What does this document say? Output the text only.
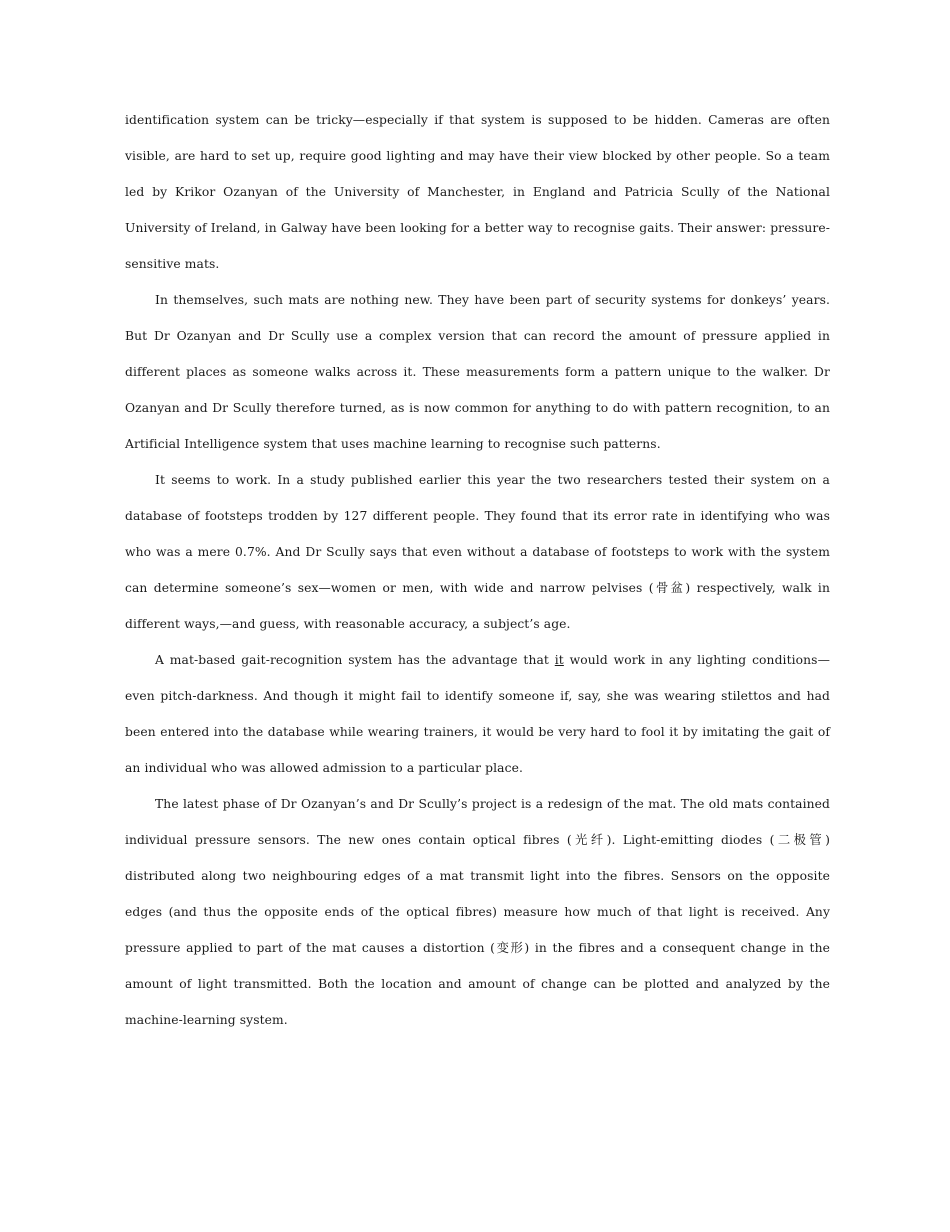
identification system can be tricky—especially if that system is supposed to be hidden. Cameras are often visible, are hard to set up, require good lighting and may have their view blocked by other people. So a team led by Krikor Ozanyan of the University of Manchester, in England and Patricia Scully of the National University of Ireland, in Galway have been looking for a better way to recognise gaits. Their answer: pressure-sensitive mats.

In themselves, such mats are nothing new. They have been part of security systems for donkeys’ years. But Dr Ozanyan and Dr Scully use a complex version that can record the amount of pressure applied in different places as someone walks across it. These measurements form a pattern unique to the walker. Dr Ozanyan and Dr Scully therefore turned, as is now common for anything to do with pattern recognition, to an Artificial Intelligence system that uses machine learning to recognise such patterns.

It seems to work. In a study published earlier this year the two researchers tested their system on a database of footsteps trodden by 127 different people. They found that its error rate in identifying who was who was a mere 0.7%. And Dr Scully says that even without a database of footsteps to work with the system can determine someone’s sex—women or men, with wide and narrow pelvises (骨盆) respectively, walk in different ways,—and guess, with reasonable accuracy, a subject’s age.

A mat-based gait-recognition system has the advantage that it would work in any lighting conditions—even pitch-darkness. And though it might fail to identify someone if, say, she was wearing stilettos and had been entered into the database while wearing trainers, it would be very hard to fool it by imitating the gait of an individual who was allowed admission to a particular place.

The latest phase of Dr Ozanyan’s and Dr Scully’s project is a redesign of the mat. The old mats contained individual pressure sensors. The new ones contain optical fibres (光纤). Light-emitting diodes (二极管) distributed along two neighbouring edges of a mat transmit light into the fibres. Sensors on the opposite edges (and thus the opposite ends of the optical fibres) measure how much of that light is received. Any pressure applied to part of the mat causes a distortion (变形) in the fibres and a consequent change in the amount of light transmitted. Both the location and amount of change can be plotted and analyzed by the machine-learning system.
